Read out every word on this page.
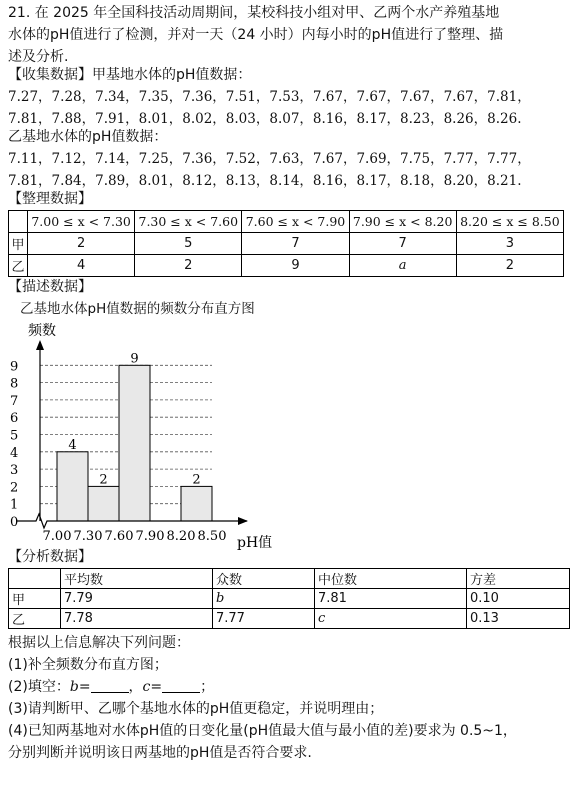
21. 在 2025 年全国科技活动周期间，某校科技小组对甲、乙两个水产养殖基地
水体的pH值进行了检测，并对一天（24 小时）内每小时的pH值进行了整理、描
述及分析.
【收集数据】甲基地水体的pH值数据：
7.27，7.28，7.34，7.35，7.36，7.51，7.53，7.67，7.67，7.67，7.67，7.81，
7.81，7.88，7.91，8.01，8.02，8.03，8.07，8.16，8.17，8.23，8.26，8.26.
乙基地水体的pH值数据：
7.11，7.12，7.14，7.25，7.36，7.52，7.63，7.67，7.69，7.75，7.77，7.77，
7.81，7.84，7.89，8.01，8.12，8.13，8.14，8.16，8.17，8.18，8.20，8.21.
【整理数据】
	7.00 ≤ x < 7.30	7.30 ≤ x < 7.60	7.60 ≤ x < 7.90	7.90 ≤ x < 8.20	8.20 ≤ x ≤ 8.50
甲	2	5	7	7	3
乙	4	2	9	a	2
【描述数据】
乙基地水体pH值数据的频数分布直方图
4
2
9
2
频数
pH值
0
1
2
3
4
5
6
7
8
9
7.00 7.30 7.60 7.90 8.20 8.50
【分析数据】
	平均数	众数	中位数	方差
甲	7.79	b	7.81	0.10
乙	7.78	7.77	c	0.13
根据以上信息解决下列问题：
(1)补全频数分布直方图；
(2)填空：b=	，c=	；
(3)请判断甲、乙哪个基地水体的pH值更稳定，并说明理由；
(4)已知两基地对水体pH值的日变化量(pH值最大值与最小值的差)要求为 0.5~1，
分别判断并说明该日两基地的pH值是否符合要求.
